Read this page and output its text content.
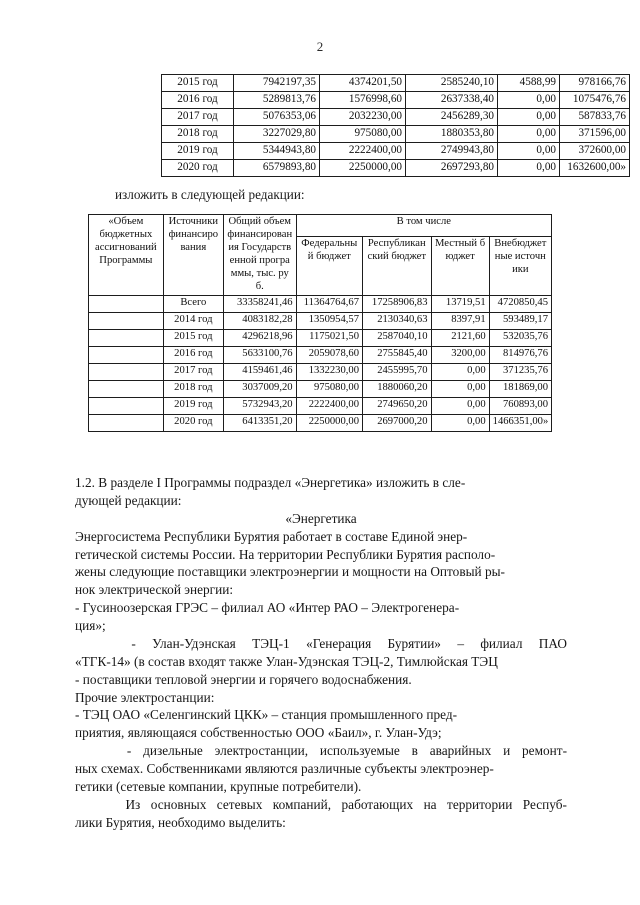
2
2015 год	7942197,35	4374201,50	2585240,10	4588,99	978166,76
2016 год	5289813,76	1576998,60	2637338,40	0,00	1075476,76
2017 год	5076353,06	2032230,00	2456289,30	0,00	587833,76
2018 год	3227029,80	975080,00	1880353,80	0,00	371596,00
2019 год	5344943,80	2222400,00	2749943,80	0,00	372600,00
2020 год	6579893,80	2250000,00	2697293,80	0,00	1632600,00»
изложить в следующей редакции:
«Объем бюджетных ассигнований Программы	Источники финансирования	Общий объем финансирования Государственной программы, тыс. руб.	В том числе			
			Федеральный бюджет	Республиканский бюджет	Местный бюджет	Внебюджетные источники
	Всего	33358241,46	11364764,67	17258906,83	13719,51	4720850,45
	2014 год	4083182,28	1350954,57	2130340,63	8397,91	593489,17
	2015 год	4296218,96	1175021,50	2587040,10	2121,60	532035,76
	2016 год	5633100,76	2059078,60	2755845,40	3200,00	814976,76
	2017 год	4159461,46	1332230,00	2455995,70	0,00	371235,76
	2018 год	3037009,20	975080,00	1880060,20	0,00	181869,00
	2019 год	5732943,20	2222400,00	2749650,20	0,00	760893,00
	2020 год	6413351,20	2250000,00	2697000,20	0,00	1466351,00»

1.2. В разделе I Программы подраздел «Энергетика» изложить в сле-
дующей редакции:

«Энергетика

Энергосистема Республики Бурятия работает в составе Единой энер-
гетической системы России. На территории Республики Бурятия располо-
жены следующие поставщики электроэнергии и мощности на Оптовый ры-
нок электрической энергии:

- Гусиноозерская ГРЭС – филиал АО «Интер РАО – Электрогенера-
ция»;

- Улан-Удэнская ТЭЦ-1 «Генерация Бурятии» – филиал ПАО
«ТГК-14» (в состав входят также Улан-Удэнская ТЭЦ-2, Тимлюйская ТЭЦ
- поставщики тепловой энергии и горячего водоснабжения.

Прочие электростанции:

- ТЭЦ ОАО «Селенгинский ЦКК» – станция промышленного пред-
приятия, являющаяся собственностью ООО «Баил», г. Улан-Удэ;

- дизельные электростанции, используемые в аварийных и ремонт-
ных схемах. Собственниками являются различные субъекты электроэнер-
гетики (сетевые компании, крупные потребители).

Из основных сетевых компаний, работающих на территории Респуб-
лики Бурятия, необходимо выделить:
